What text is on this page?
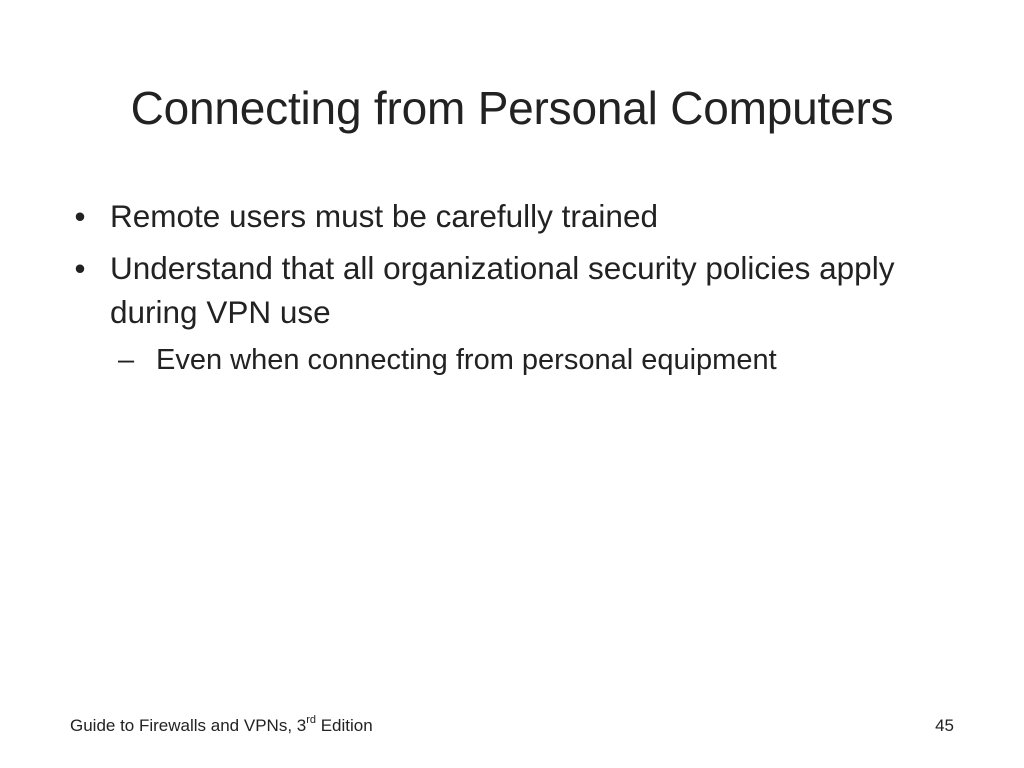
Connecting from Personal Computers
• Remote users must be carefully trained
• Understand that all organizational security policies apply during VPN use
– Even when connecting from personal equipment
Guide to Firewalls and VPNs, 3rd Edition	45
